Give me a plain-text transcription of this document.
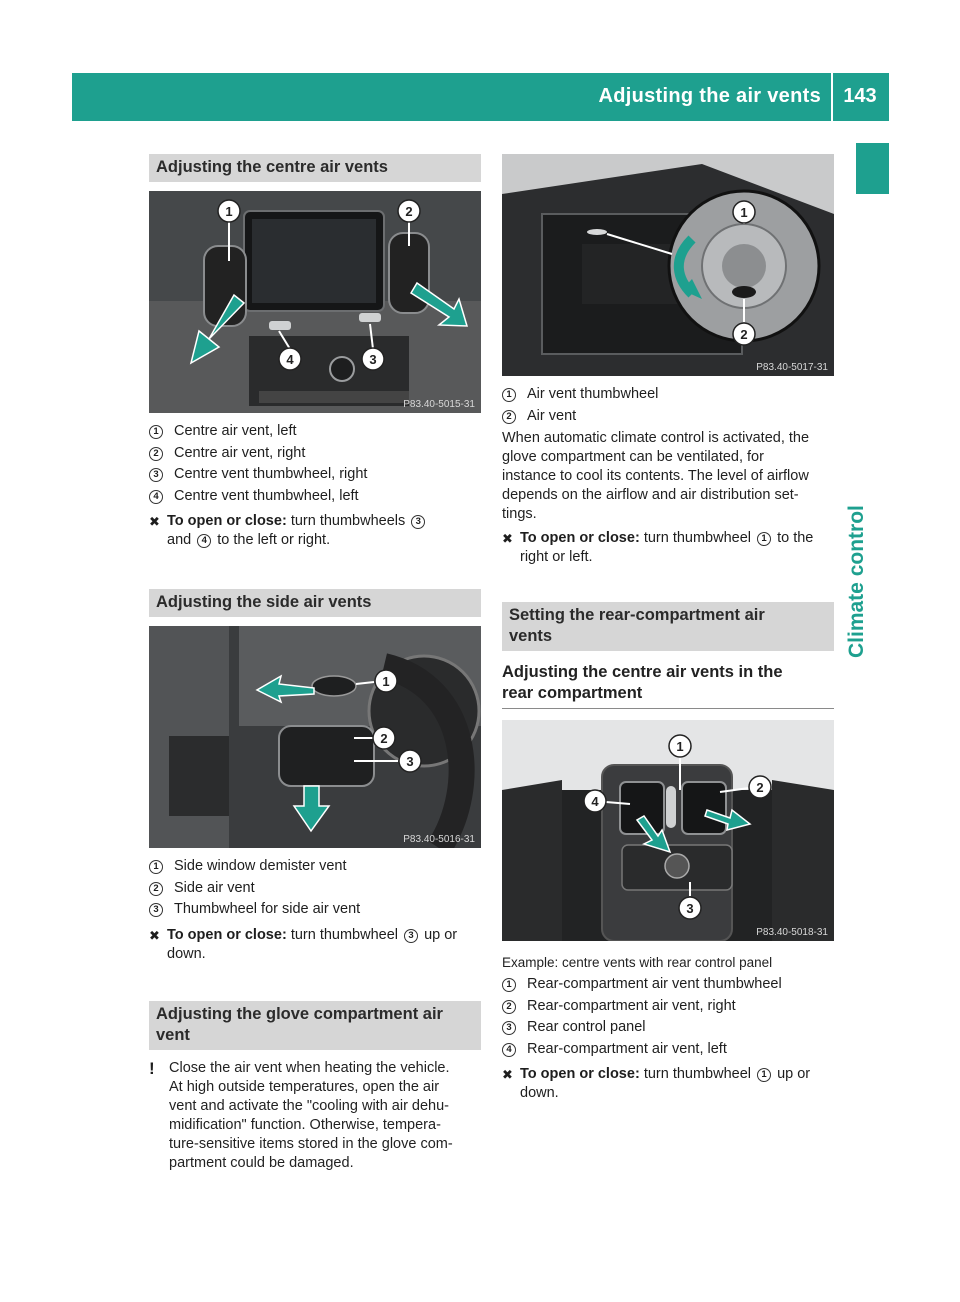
Adjusting the air vents	143
Climate control
Adjusting the centre air vents
1	2
3
4
P83.40-5015-31
1	Centre air vent, left
2	Centre air vent, right
3	Centre vent thumbwheel, right
4	Centre vent thumbwheel, left
✖ To open or close: turn thumbwheels 3
and 4 to the left or right.
Adjusting the side air vents
1
2
3
P83.40-5016-31
1	Side window demister vent
2	Side air vent
3	Thumbwheel for side air vent
✖ To open or close: turn thumbwheel 3 up or
down.
Adjusting the glove compartment air
vent
! Close the air vent when heating the vehicle.
At high outside temperatures, open the air
vent and activate the "cooling with air dehu-
midification" function. Otherwise, tempera-
ture-sensitive items stored in the glove com-
partment could be damaged.
1
2
P83.40-5017-31
1	Air vent thumbwheel
2	Air vent
When automatic climate control is activated, the
glove compartment can be ventilated, for
instance to cool its contents. The level of airflow
depends on the airflow and air distribution set-
tings.
✖ To open or close: turn thumbwheel 1 to the
right or left.
Setting the rear-compartment air
vents
Adjusting the centre air vents in the
rear compartment
1
2
3
4
P83.40-5018-31
Example: centre vents with rear control panel
1	Rear-compartment air vent thumbwheel
2	Rear-compartment air vent, right
3	Rear control panel
4	Rear-compartment air vent, left
✖ To open or close: turn thumbwheel 1 up or
down.
